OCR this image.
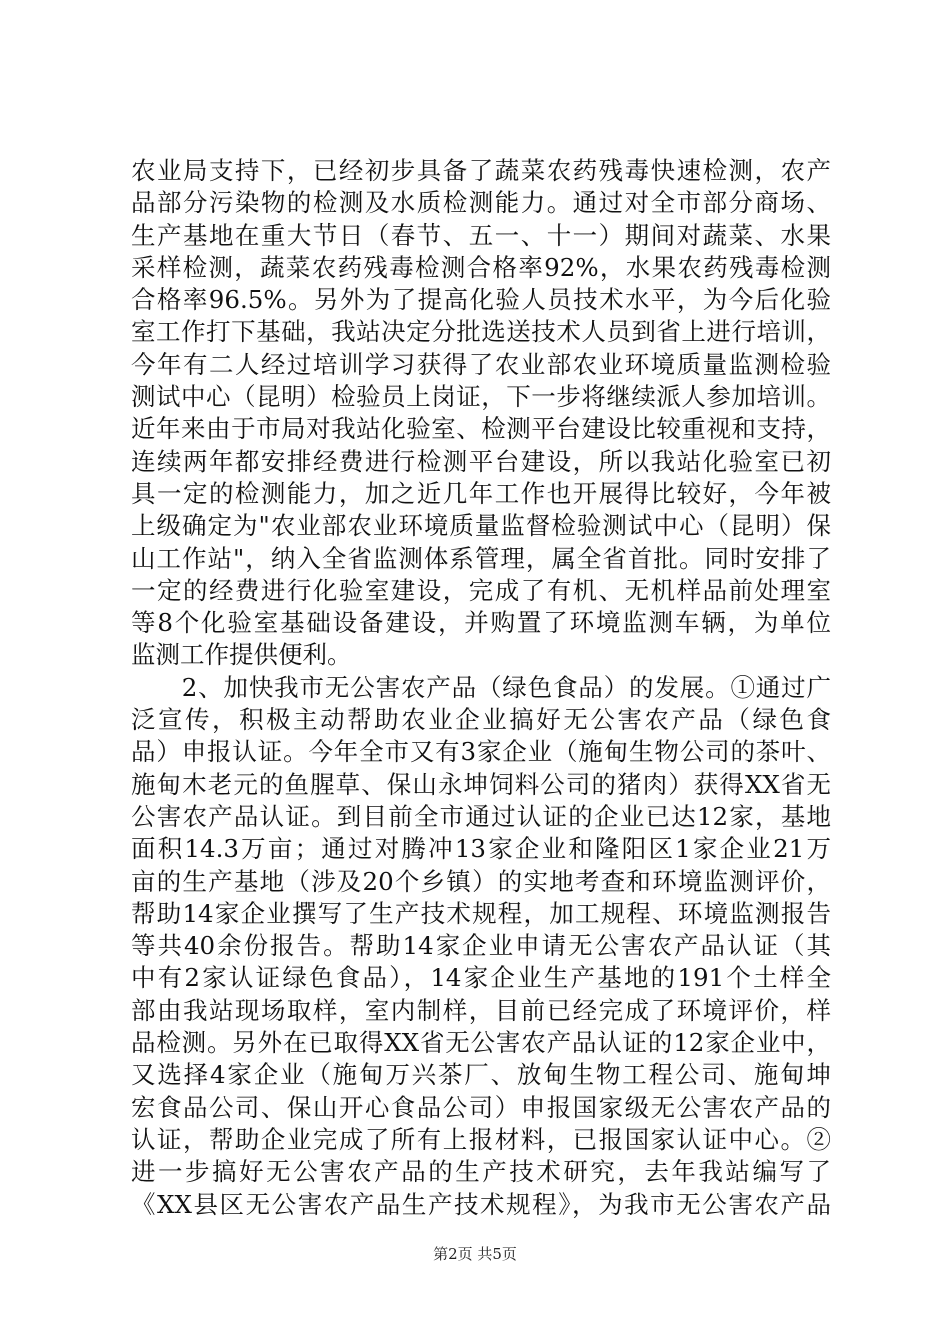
农业局支持下，已经初步具备了蔬菜农药残毒快速检测，农产
品部分污染物的检测及水质检测能力。通过对全市部分商场、
生产基地在重大节日（春节、五一、十一）期间对蔬菜、水果
采样检测，蔬菜农药残毒检测合格率92%，水果农药残毒检测
合格率96.5%。另外为了提高化验人员技术水平，为今后化验
室工作打下基础，我站决定分批选送技术人员到省上进行培训，
今年有二人经过培训学习获得了农业部农业环境质量监测检验
测试中心（昆明）检验员上岗证，下一步将继续派人参加培训。
近年来由于市局对我站化验室、检测平台建设比较重视和支持，
连续两年都安排经费进行检测平台建设，所以我站化验室已初
具一定的检测能力，加之近几年工作也开展得比较好，今年被
上级确定为"农业部农业环境质量监督检验测试中心（昆明）保
山工作站"，纳入全省监测体系管理，属全省首批。同时安排了
一定的经费进行化验室建设，完成了有机、无机样品前处理室
等8个化验室基础设备建设，并购置了环境监测车辆，为单位
监测工作提供便利。
　　2、加快我市无公害农产品（绿色食品）的发展。①通过广
泛宣传，积极主动帮助农业企业搞好无公害农产品（绿色食
品）申报认证。今年全市又有3家企业（施甸生物公司的茶叶、
施甸木老元的鱼腥草、保山永坤饲料公司的猪肉）获得XX省无
公害农产品认证。到目前全市通过认证的企业已达12家，基地
面积14.3万亩；通过对腾冲13家企业和隆阳区1家企业21万
亩的生产基地（涉及20个乡镇）的实地考查和环境监测评价，
帮助14家企业撰写了生产技术规程，加工规程、环境监测报告
等共40余份报告。帮助14家企业申请无公害农产品认证（其
中有2家认证绿色食品），14家企业生产基地的191个土样全
部由我站现场取样，室内制样，目前已经完成了环境评价，样
品检测。另外在已取得XX省无公害农产品认证的12家企业中，
又选择4家企业（施甸万兴茶厂、放甸生物工程公司、施甸坤
宏食品公司、保山开心食品公司）申报国家级无公害农产品的
认证，帮助企业完成了所有上报材料，已报国家认证中心。②
进一步搞好无公害农产品的生产技术研究，去年我站编写了
《XX县区无公害农产品生产技术规程》，为我市无公害农产品
第2页 共5页
